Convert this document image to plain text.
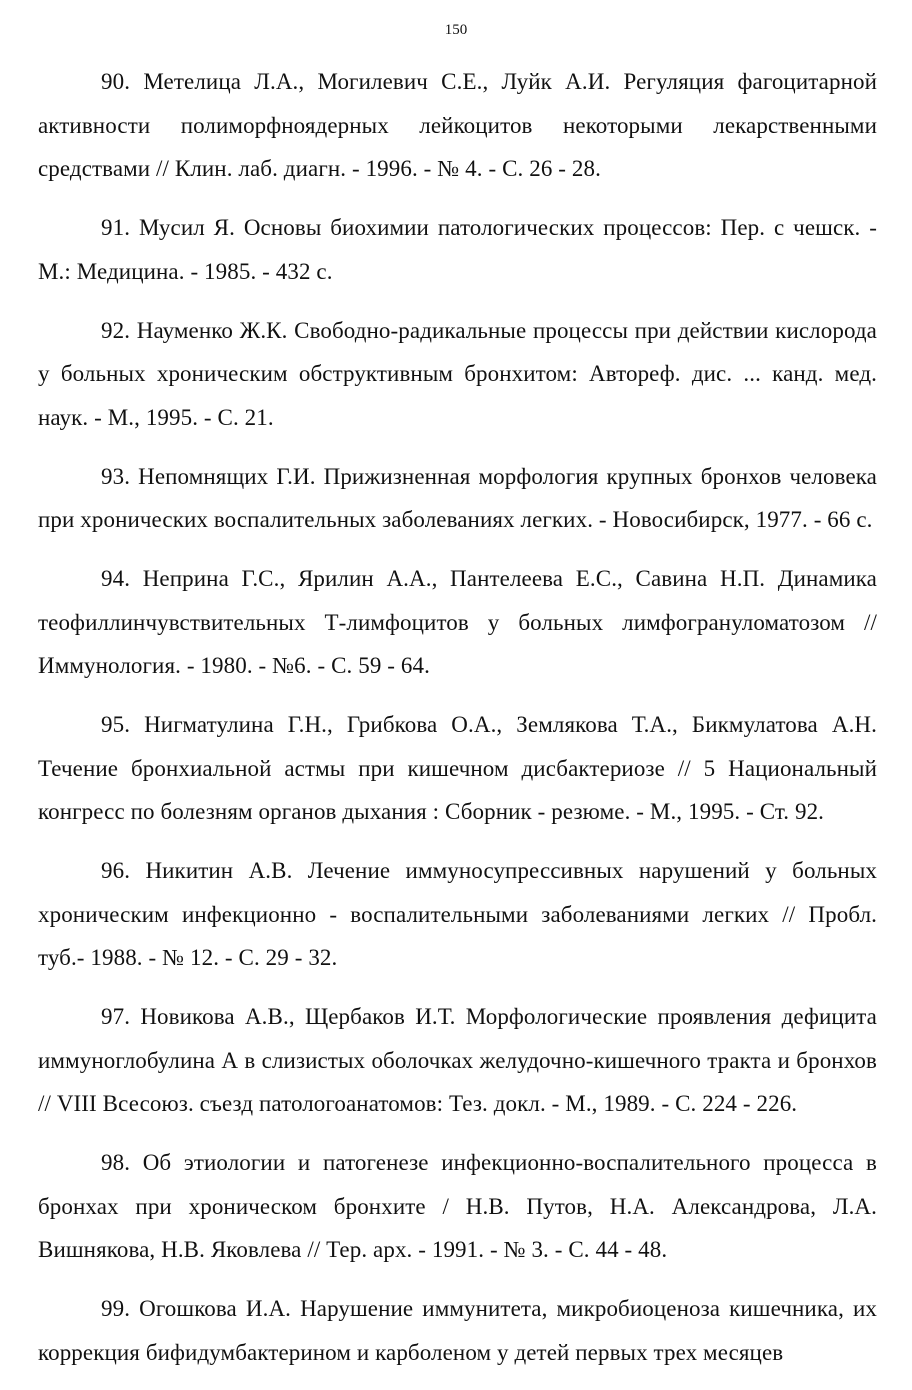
150

90. Метелица Л.А., Могилевич С.Е., Луйк А.И. Регуляция фагоцитарной активности полиморфноядерных лейкоцитов некоторыми лекарственными средствами // Клин. лаб. диагн. - 1996. - № 4. - С. 26 - 28.

91. Мусил Я. Основы биохимии патологических процессов: Пер. с чешск. - М.: Медицина. - 1985. - 432 с.

92. Науменко Ж.К. Свободно-радикальные процессы при действии кислорода у больных хроническим обструктивным бронхитом: Автореф. дис. ... канд. мед. наук. - М., 1995. - С. 21.

93. Непомнящих Г.И. Прижизненная морфология крупных бронхов человека при хронических воспалительных заболеваниях легких. - Новосибирск, 1977. - 66 с.

94. Неприна Г.С., Ярилин А.А., Пантелеева Е.С., Савина Н.П. Динамика теофиллинчувствительных Т-лимфоцитов у больных лимфогрануломатозом // Иммунология. - 1980. - №6. - С. 59 - 64.

95. Нигматулина Г.Н., Грибкова О.А., Землякова Т.А., Бикмулатова А.Н. Течение бронхиальной астмы при кишечном дисбактериозе // 5 Национальный конгресс по болезням органов дыхания : Сборник - резюме. - М., 1995. - Ст. 92.

96. Никитин А.В. Лечение иммуносупрессивных нарушений у больных хроническим инфекционно - воспалительными заболеваниями легких // Пробл. туб.- 1988. - № 12. - С. 29 - 32.

97. Новикова А.В., Щербаков И.Т. Морфологические проявления дефицита иммуноглобулина А в слизистых оболочках желудочно-кишечного тракта и бронхов // VIII Всесоюз. съезд патологоанатомов: Тез. докл. - М., 1989. - С. 224 - 226.

98. Об этиологии и патогенезе инфекционно-воспалительного процесса в бронхах при хроническом бронхите / Н.В. Путов, Н.А. Александрова, Л.А. Вишнякова, Н.В. Яковлева // Тер. арх. - 1991. - № 3. - С. 44 - 48.

99. Огошкова И.А. Нарушение иммунитета, микробиоценоза кишечника, их коррекция бифидумбактерином и карболеном у детей первых трех месяцев
